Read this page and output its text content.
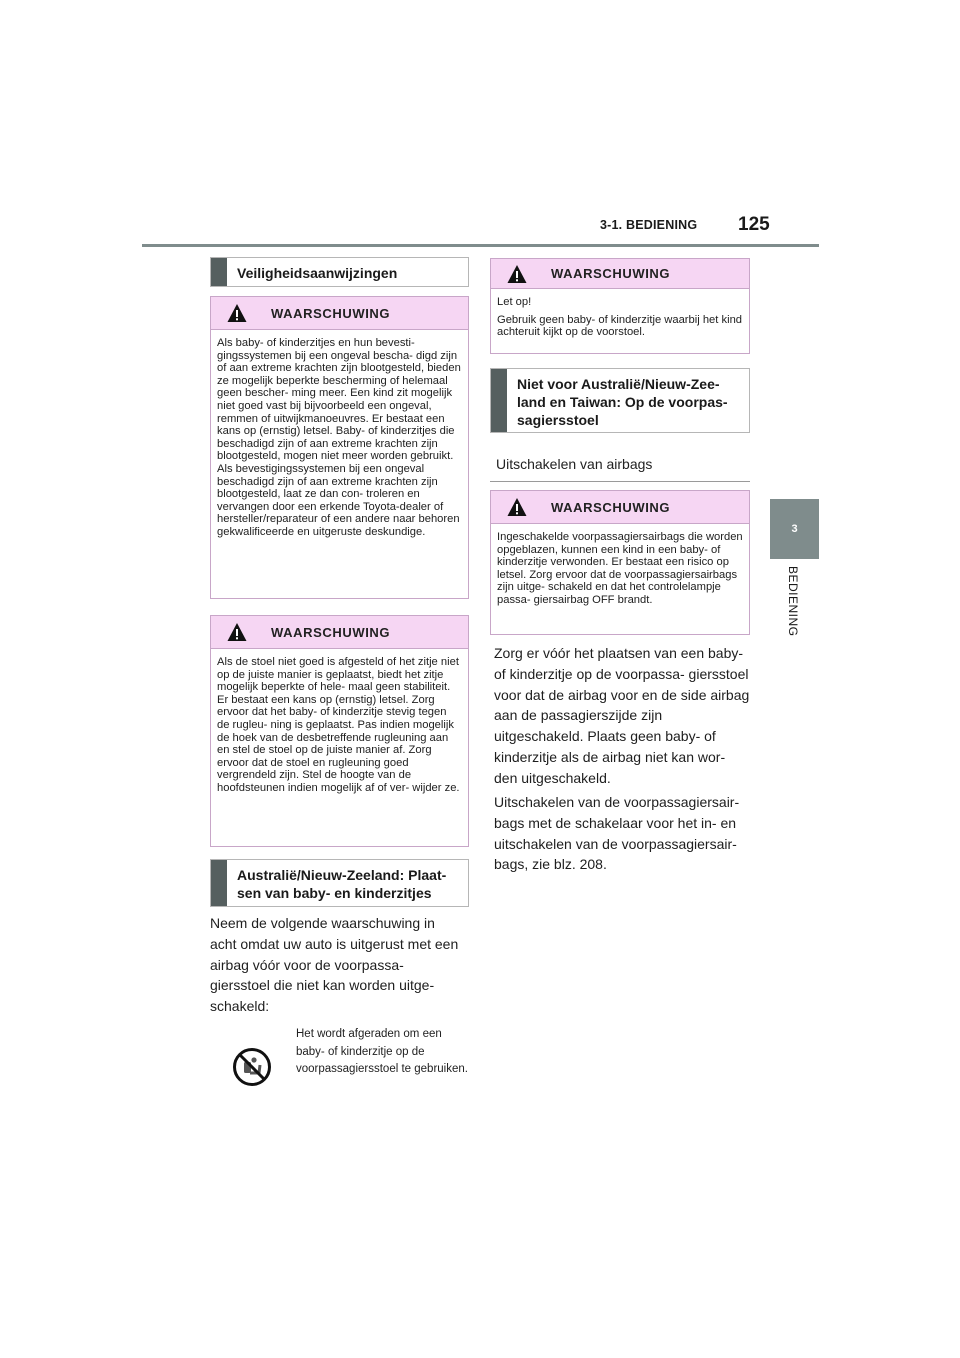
3-1. BEDIENING 125
3
BEDIENING
Veiligheidsaanwijzingen
WAARSCHUWING

Als baby- of kinderzitjes en hun bevesti- gingssystemen bij een ongeval bescha- digd zijn of aan extreme krachten zijn blootgesteld, bieden ze mogelijk beperkte bescherming of helemaal geen bescher- ming meer. Een kind zit mogelijk niet goed vast bij bijvoorbeeld een ongeval, remmen of uitwijkmanoeuvres. Er bestaat een kans op (ernstig) letsel. Baby- of kinderzitjes die beschadigd zijn of aan extreme krachten zijn blootgesteld, mogen niet meer worden gebruikt. Als bevestigingssystemen bij een ongeval beschadigd zijn of aan extreme krachten zijn blootgesteld, laat ze dan con- troleren en vervangen door een erkende Toyota-dealer of hersteller/reparateur of een andere naar behoren gekwalificeerde en uitgeruste deskundige.

WAARSCHUWING

Als de stoel niet goed is afgesteld of het zitje niet op de juiste manier is geplaatst, biedt het zitje mogelijk beperkte of hele- maal geen stabiliteit. Er bestaat een kans op (ernstig) letsel. Zorg ervoor dat het baby- of kinderzitje stevig tegen de rugleu- ning is geplaatst. Pas indien mogelijk de hoek van de desbetreffende rugleuning aan en stel de stoel op de juiste manier af. Zorg ervoor dat de stoel en rugleuning goed vergrendeld zijn. Stel de hoogte van de hoofdsteunen indien mogelijk af of ver- wijder ze.

Australië/Nieuw-Zeeland: Plaat- sen van baby- en kinderzitjes
Neem de volgende waarschuwing in acht omdat uw auto is uitgerust met een airbag vóór voor de voorpassa- giersstoel die niet kan worden uitge- schakeld:
Het wordt afgeraden om een baby- of kinderzitje op de voorpassagiersstoel te gebruiken.
WAARSCHUWING

Let op!

Gebruik geen baby- of kinderzitje waarbij het kind achteruit kijkt op de voorstoel.

Niet voor Australië/Nieuw-Zee- land en Taiwan: Op de voorpas- sagiersstoel
Uitschakelen van airbags
WAARSCHUWING

Ingeschakelde voorpassagiersairbags die worden opgeblazen, kunnen een kind in een baby- of kinderzitje verwonden. Er bestaat een risico op letsel. Zorg ervoor dat de voorpassagiersairbags zijn uitge- schakeld en dat het controlelampje passa- giersairbag OFF brandt.

Zorg er vóór het plaatsen van een baby- of kinderzitje op de voorpassa- giersstoel voor dat de airbag voor en de side airbag aan de passagierszijde zijn uitgeschakeld. Plaats geen baby- of kinderzitje als de airbag niet kan wor- den uitgeschakeld.
Uitschakelen van de voorpassagiersair- bags met de schakelaar voor het in- en uitschakelen van de voorpassagiersair- bags, zie blz. 208.
